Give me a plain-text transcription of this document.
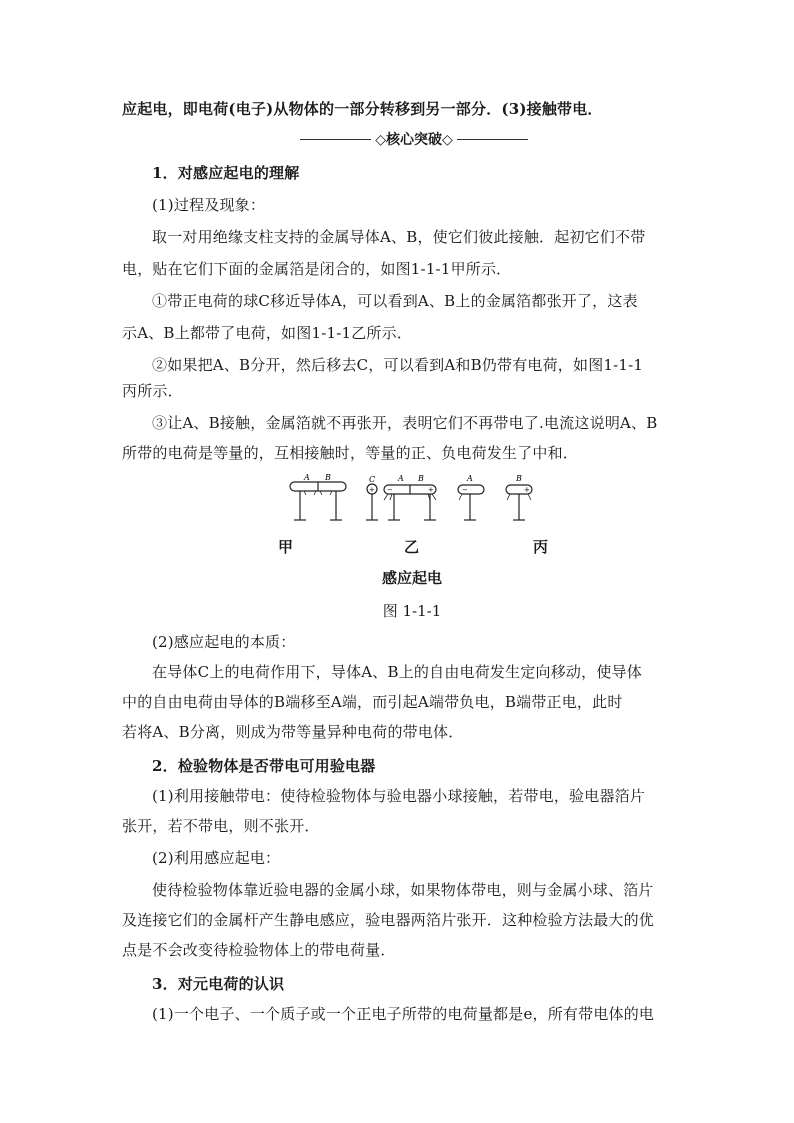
应起电，即电荷(电子)从物体的一部分转移到另一部分．(3)接触带电．
◇核心突破◇
1．对感应起电的理解
(1)过程及现象：
取一对用绝缘支柱支持的金属导体A、B，使它们彼此接触．起初它们不带
电，贴在它们下面的金属箔是闭合的，如图1-1-1甲所示．
①带正电荷的球C移近导体A，可以看到A、B上的金属箔都张开了，这表
示A、B上都带了电荷，如图1-1-1乙所示．
②如果把A、B分开，然后移去C，可以看到A和B仍带有电荷，如图1-1-1
丙所示．
③让A、B接触，金属箔就不再张开，表明它们不再带电了.电流这说明A、B
所带的电荷是等量的，互相接触时，等量的正、负电荷发生了中和．
A B	C
+
A B
−	+
A	B
−	+
甲	乙	丙
感应起电
图 1-1-1
(2)感应起电的本质：
在导体C上的电荷作用下，导体A、B上的自由电荷发生定向移动，使导体
中的自由电荷由导体的B端移至A端，而引起A端带负电，B端带正电，此时
若将A、B分离，则成为带等量异种电荷的带电体．
2．检验物体是否带电可用验电器
(1)利用接触带电：使待检验物体与验电器小球接触，若带电，验电器箔片
张开，若不带电，则不张开．
(2)利用感应起电：
使待检验物体靠近验电器的金属小球，如果物体带电，则与金属小球、箔片
及连接它们的金属杆产生静电感应，验电器两箔片张开．这种检验方法最大的优
点是不会改变待检验物体上的带电荷量．
3．对元电荷的认识
(1)一个电子、一个质子或一个正电子所带的电荷量都是e，所有带电体的电
